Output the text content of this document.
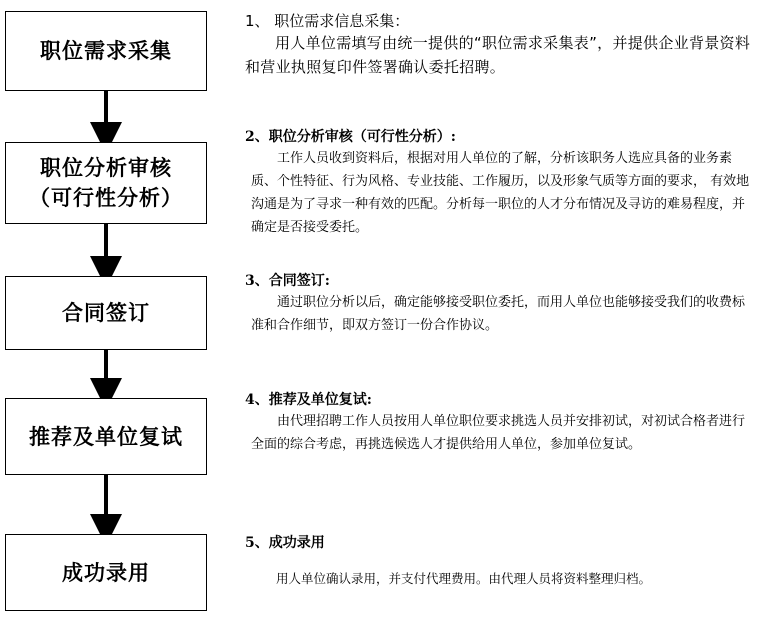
职位需求采集
职位分析审核
（可行性分析）
合同签订
推荐及单位复试
成功录用

1、 职位需求信息采集：

用人单位需填写由统一提供的“职位需求采集表”，并提供企业背景资料和营业执照复印件签署确认委托招聘。

2、职位分析审核（可行性分析）:

工作人员收到资料后，根据对用人单位的了解，分析该职务人选应具备的业务素质、个性特征、行为风格、专业技能、工作履历，以及形象气质等方面的要求， 有效地沟通是为了寻求一种有效的匹配。分析每一职位的人才分布情况及寻访的难易程度，并确定是否接受委托。

3、合同签订:

通过职位分析以后，确定能够接受职位委托，而用人单位也能够接受我们的收费标准和合作细节，即双方签订一份合作协议。

4、推荐及单位复试:

由代理招聘工作人员按用人单位职位要求挑选人员并安排初试，对初试合格者进行全面的综合考虑，再挑选候选人才提供给用人单位，参加单位复试。

5、成功录用

用人单位确认录用，并支付代理费用。由代理人员将资料整理归档。
